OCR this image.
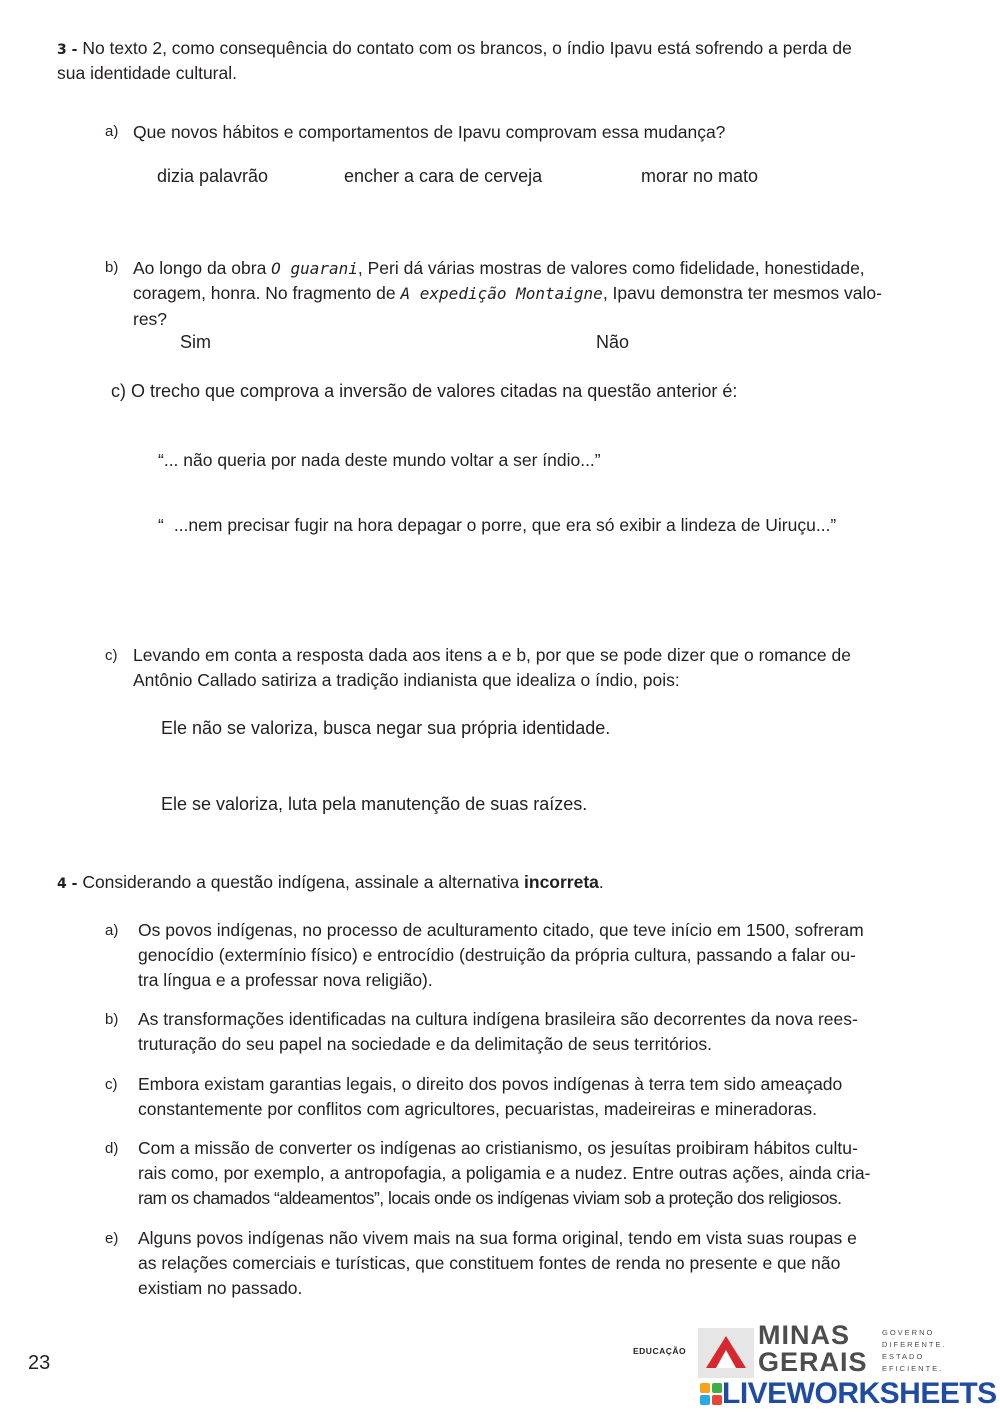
3 - No texto 2, como consequência do contato com os brancos, o índio Ipavu está sofrendo a perda de
sua identidade cultural.
a) Que novos hábitos e comportamentos de Ipavu comprovam essa mudança?
dizia palavrão	encher a cara de cerveja	morar no mato
b) Ao longo da obra O guarani, Peri dá várias mostras de valores como fidelidade, honestidade,
coragem, honra. No fragmento de A expedição Montaigne, Ipavu demonstra ter mesmos valo-
res?
Sim	Não
c) O trecho que comprova a inversão de valores citadas na questão anterior é:
“... não queria por nada deste mundo voltar a ser índio...”
“ ...nem precisar fugir na hora depagar o porre, que era só exibir a lindeza de Uiruçu...”
c) Levando em conta a resposta dada aos itens a e b, por que se pode dizer que o romance de
Antônio Callado satiriza a tradição indianista que idealiza o índio, pois:
Ele não se valoriza, busca negar sua própria identidade.
Ele se valoriza, luta pela manutenção de suas raízes.
4 - Considerando a questão indígena, assinale a alternativa incorreta.
a) Os povos indígenas, no processo de aculturamento citado, que teve início em 1500, sofreram
genocídio (extermínio físico) e entrocídio (destruição da própria cultura, passando a falar ou-
tra língua e a professar nova religião).
b) As transformações identificadas na cultura indígena brasileira são decorrentes da nova rees-
truturação do seu papel na sociedade e da delimitação de seus territórios.
c) Embora existam garantias legais, o direito dos povos indígenas à terra tem sido ameaçado
constantemente por conflitos com agricultores, pecuaristas, madeireiras e mineradoras.
d) Com a missão de converter os indígenas ao cristianismo, os jesuítas proibiram hábitos cultu-
rais como, por exemplo, a antropofagia, a poligamia e a nudez. Entre outras ações, ainda cria-
ram os chamados “aldeamentos”, locais onde os indígenas viviam sob a proteção dos religiosos.
e) Alguns povos indígenas não vivem mais na sua forma original, tendo em vista suas roupas e
as relações comerciais e turísticas, que constituem fontes de renda no presente e que não
existiam no passado.
23
EDUCAÇÃO
MINAS
GERAIS
GOVERNO
DIFERENTE.
ESTADO
EFICIENTE.
LIVEWORKSHEETS
